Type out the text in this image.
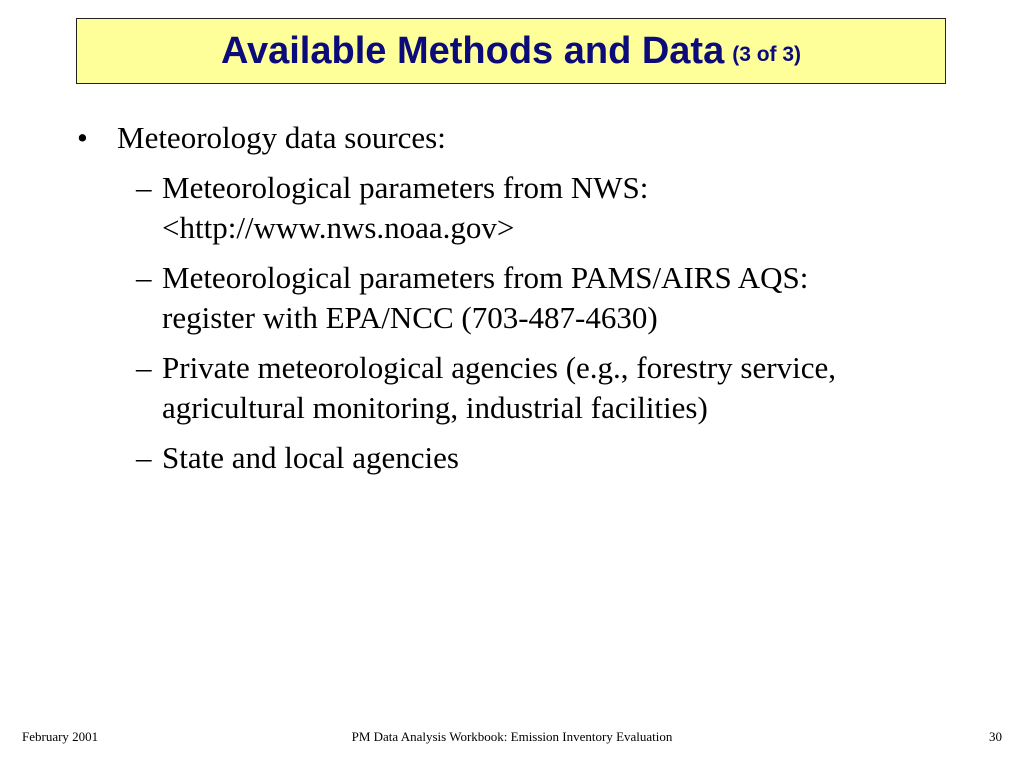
Available Methods and Data (3 of 3)
• Meteorology data sources:
– Meteorological parameters from NWS:
<http://www.nws.noaa.gov>
– Meteorological parameters from PAMS/AIRS AQS:
register with EPA/NCC (703-487-4630)
– Private meteorological agencies (e.g., forestry service,
agricultural monitoring, industrial facilities)
– State and local agencies
February 2001	PM Data Analysis Workbook: Emission Inventory Evaluation	30
